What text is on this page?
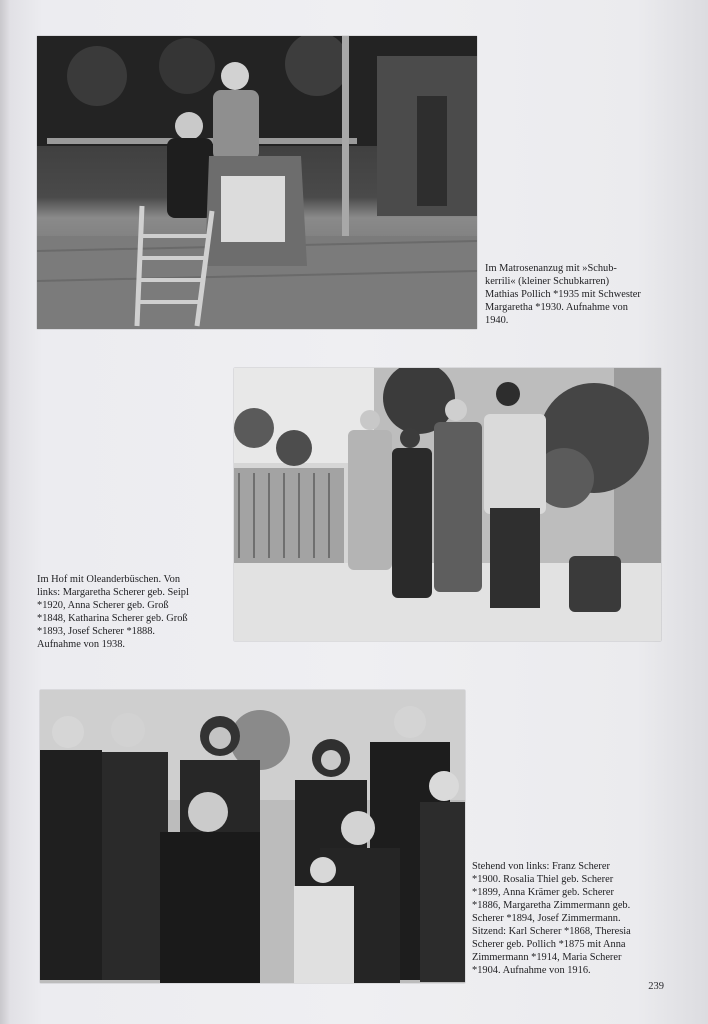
Im Matrosenanzug mit »Schub-
kerrili« (kleiner Schubkarren)
Mathias Pollich *1935 mit Schwester
Margaretha *1930. Aufnahme von
1940.
Im Hof mit Oleanderbüschen. Von
links: Margaretha Scherer geb. Seipl
*1920, Anna Scherer geb. Groß
*1848, Katharina Scherer geb. Groß
*1893, Josef Scherer *1888.
Aufnahme von 1938.
Stehend von links: Franz Scherer
*1900. Rosalia Thiel geb. Scherer
*1899, Anna Krämer geb. Scherer
*1886, Margaretha Zimmermann geb.
Scherer *1894, Josef Zimmermann.
Sitzend: Karl Scherer *1868, Theresia
Scherer geb. Pollich *1875 mit Anna
Zimmermann *1914, Maria Scherer
*1904. Aufnahme von 1916.
239
